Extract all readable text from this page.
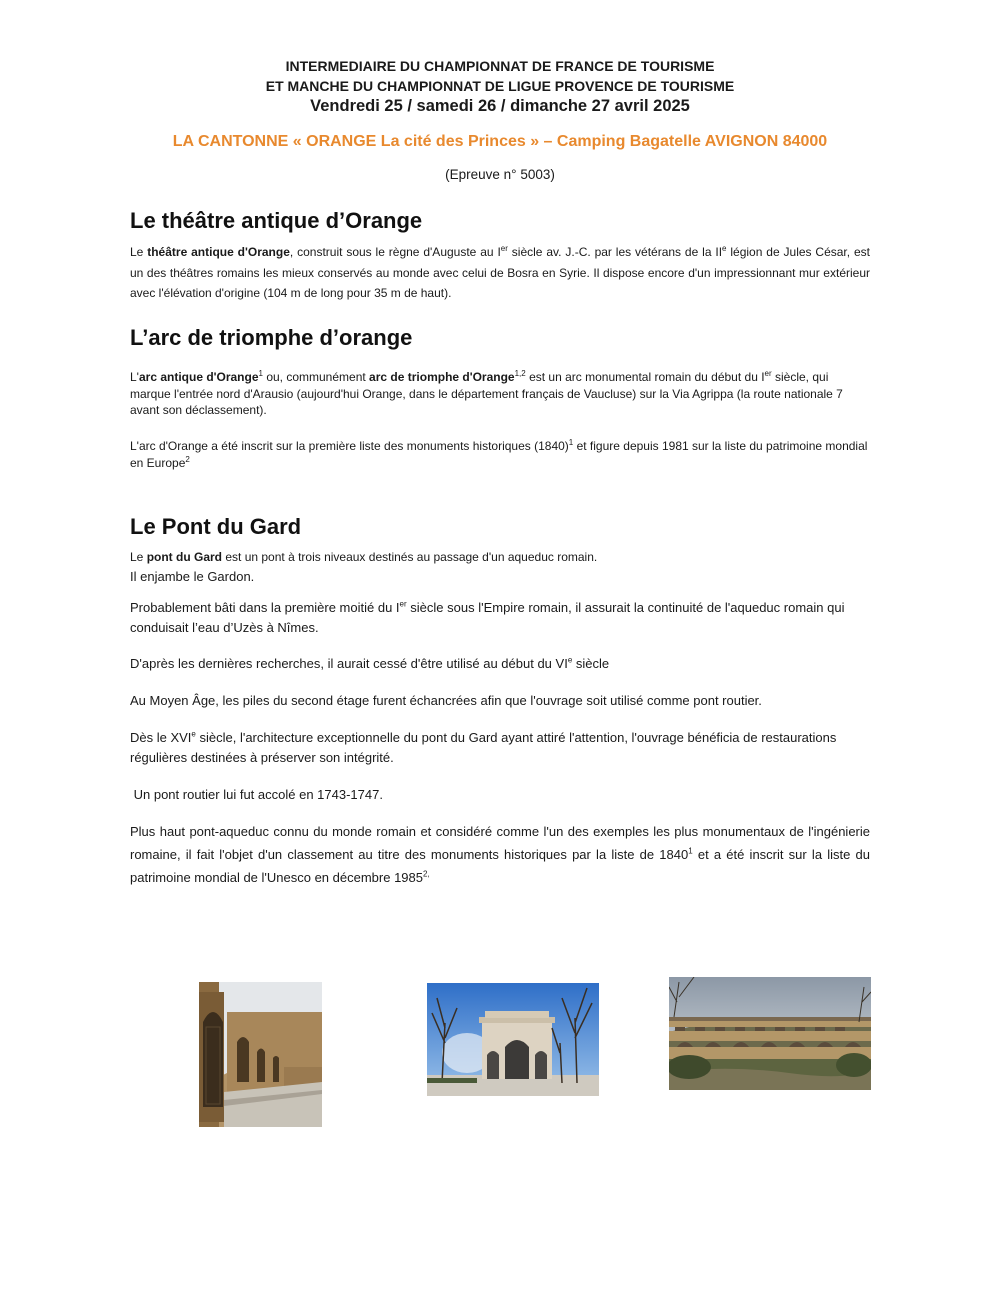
INTERMEDIAIRE DU CHAMPIONNAT DE FRANCE DE TOURISME
ET MANCHE DU CHAMPIONNAT DE LIGUE PROVENCE DE TOURISME
Vendredi 25 / samedi 26 / dimanche 27 avril 2025
LA CANTONNE « ORANGE La cité des Princes » – Camping Bagatelle AVIGNON 84000
(Epreuve n° 5003)
Le théâtre antique d’Orange
Le théâtre antique d'Orange, construit sous le règne d'Auguste au Ier siècle av. J.-C. par les vétérans de la IIe légion de Jules César, est un des théâtres romains les mieux conservés au monde avec celui de Bosra en Syrie. Il dispose encore d'un impressionnant mur extérieur avec l'élévation d'origine (104 m de long pour 35 m de haut).
L’arc de triomphe d’orange
L'arc antique d'Orange$^1$ ou, communément arc de triomphe d'Orange$^{1,2}$ est un arc monumental romain du début du Ier siècle, qui marque l'entrée nord d'Arausio (aujourd'hui Orange, dans le département français de Vaucluse) sur la Via Agrippa (la route nationale 7 avant son déclassement).
L'arc d'Orange a été inscrit sur la première liste des monuments historiques $(1840)^1$ et figure depuis 1981 sur la liste du patrimoine mondial en Europe$^2$
Le Pont du Gard
Le pont du Gard est un pont à trois niveaux destinés au passage d'un aqueduc romain.
Il enjambe le Gardon.
Probablement bâti dans la première moitié du Ier siècle sous l'Empire romain, il assurait la continuité de l'aqueduc romain qui conduisait l’eau d’Uzès à Nîmes.
D'après les dernières recherches, il aurait cessé d'être utilisé au début du VIe siècle
Au Moyen Âge, les piles du second étage furent échancrées afin que l'ouvrage soit utilisé comme pont routier.
Dès le XVIe siècle, l'architecture exceptionnelle du pont du Gard ayant attiré l'attention, l'ouvrage bénéficia de restaurations régulières destinées à préserver son intégrité.
Un pont routier lui fut accolé en 1743-1747.
Plus haut pont-aqueduc connu du monde romain et considéré comme l'un des exemples les plus monumentaux de l'ingénierie romaine, il fait l'objet d'un classement au titre des monuments historiques par la liste de 1840$^1$ et a été inscrit sur la liste du patrimoine mondial de l'Unesco en décembre $1985^{2,}$
